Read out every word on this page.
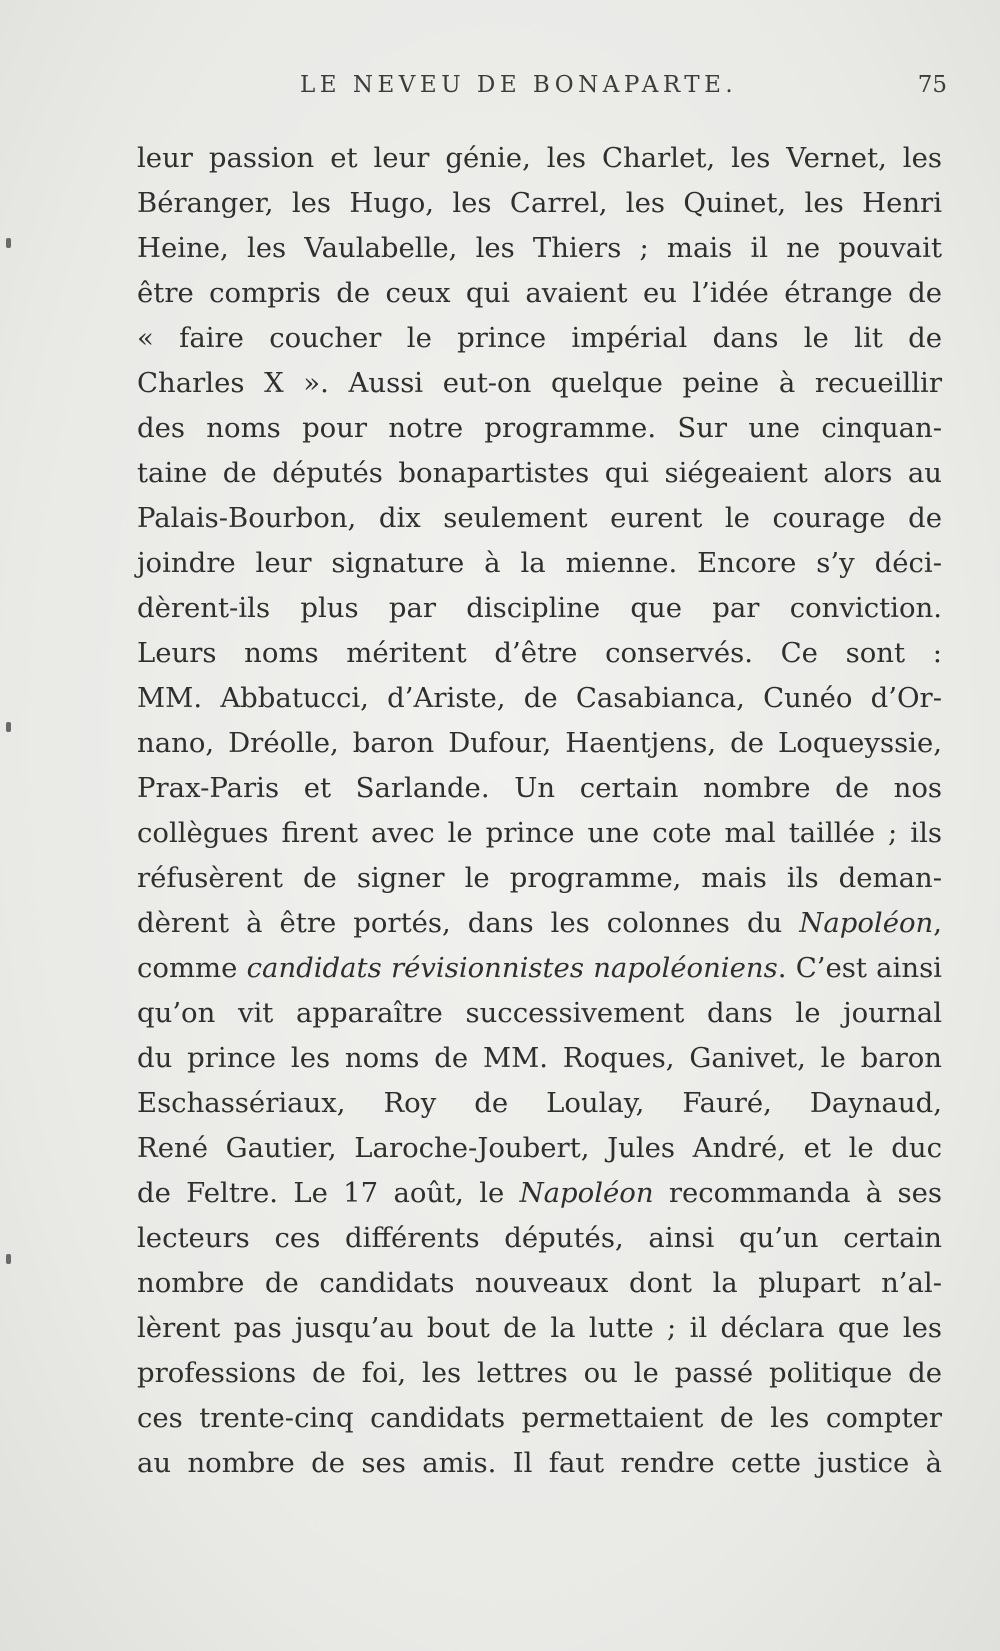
LE NEVEU DE BONAPARTE.	75
leur passion et leur génie, les Charlet, les Vernet, les
Béranger, les Hugo, les Carrel, les Quinet, les Henri
Heine, les Vaulabelle, les Thiers ; mais il ne pouvait
être compris de ceux qui avaient eu l’idée étrange de
« faire coucher le prince impérial dans le lit de
Charles X ». Aussi eut-on quelque peine à recueillir
des noms pour notre programme. Sur une cinquan-
taine de députés bonapartistes qui siégeaient alors au
Palais-Bourbon, dix seulement eurent le courage de
joindre leur signature à la mienne. Encore s’y déci-
dèrent-ils plus par discipline que par conviction.
Leurs noms méritent d’être conservés. Ce sont :
MM. Abbatucci, d’Ariste, de Casabianca, Cunéo d’Or-
nano, Dréolle, baron Dufour, Haentjens, de Loqueyssie,
Prax-Paris et Sarlande. Un certain nombre de nos
collègues firent avec le prince une cote mal taillée ; ils
réfusèrent de signer le programme, mais ils deman-
dèrent à être portés, dans les colonnes du Napoléon,
comme candidats révisionnistes napoléoniens. C’est ainsi
qu’on vit apparaître successivement dans le journal
du prince les noms de MM. Roques, Ganivet, le baron
Eschassériaux, Roy de Loulay, Fauré, Daynaud,
René Gautier, Laroche-Joubert, Jules André, et le duc
de Feltre. Le 17 août, le Napoléon recommanda à ses
lecteurs ces différents députés, ainsi qu’un certain
nombre de candidats nouveaux dont la plupart n’al-
lèrent pas jusqu’au bout de la lutte ; il déclara que les
professions de foi, les lettres ou le passé politique de
ces trente-cinq candidats permettaient de les compter
au nombre de ses amis. Il faut rendre cette justice à
